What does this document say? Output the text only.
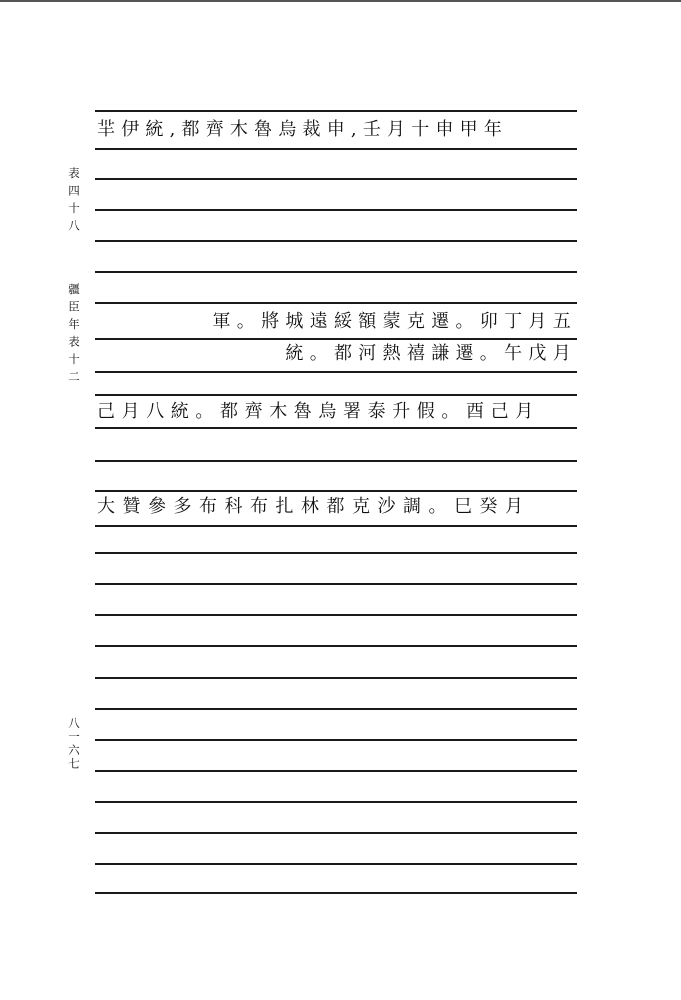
表四十八
疆臣年表十二
八一六七
羋伊統,都齊木魯烏裁申,壬月十申甲年
軍。將城遠綏額蒙克遷。卯丁月五
統。都河熱禧謙遷。午戊月
己月八統。都齊木魯烏署泰升假。酉己月
大贊參多布科布扎林都克沙調。巳癸月
